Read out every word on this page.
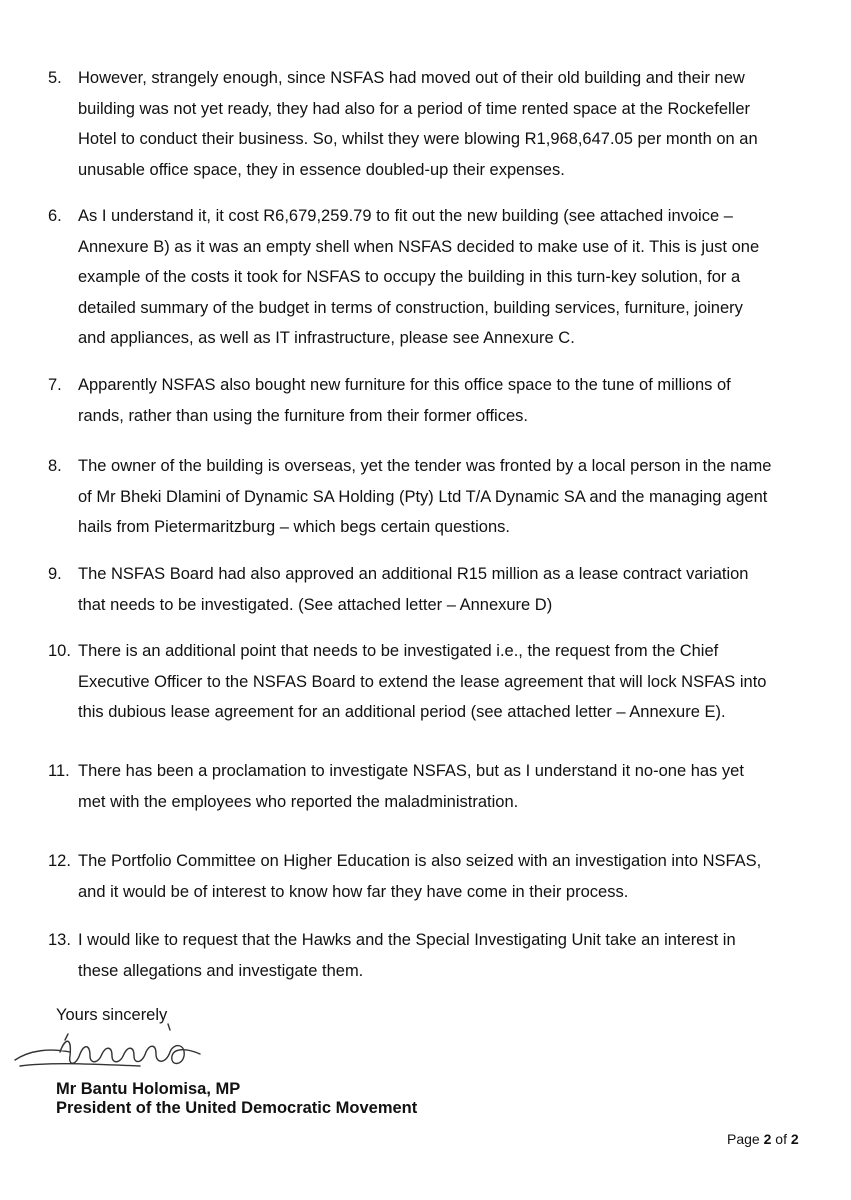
5. However, strangely enough, since NSFAS had moved out of their old building and their new
building was not yet ready, they had also for a period of time rented space at the Rockefeller
Hotel to conduct their business. So, whilst they were blowing R1,968,647.05 per month on an
unusable office space, they in essence doubled-up their expenses.
6. As I understand it, it cost R6,679,259.79 to fit out the new building (see attached invoice –
Annexure B) as it was an empty shell when NSFAS decided to make use of it. This is just one
example of the costs it took for NSFAS to occupy the building in this turn-key solution, for a
detailed summary of the budget in terms of construction, building services, furniture, joinery
and appliances, as well as IT infrastructure, please see Annexure C.
7. Apparently NSFAS also bought new furniture for this office space to the tune of millions of
rands, rather than using the furniture from their former offices.
8. The owner of the building is overseas, yet the tender was fronted by a local person in the name
of Mr Bheki Dlamini of Dynamic SA Holding (Pty) Ltd T/A Dynamic SA and the managing agent
hails from Pietermaritzburg – which begs certain questions.
9. The NSFAS Board had also approved an additional R15 million as a lease contract variation
that needs to be investigated. (See attached letter – Annexure D)
10. There is an additional point that needs to be investigated i.e., the request from the Chief
Executive Officer to the NSFAS Board to extend the lease agreement that will lock NSFAS into
this dubious lease agreement for an additional period (see attached letter – Annexure E).
11. There has been a proclamation to investigate NSFAS, but as I understand it no-one has yet
met with the employees who reported the maladministration.
12. The Portfolio Committee on Higher Education is also seized with an investigation into NSFAS,
and it would be of interest to know how far they have come in their process.
13. I would like to request that the Hawks and the Special Investigating Unit take an interest in
these allegations and investigate them.
Yours sincerely
Mr Bantu Holomisa, MP
President of the United Democratic Movement
Page 2 of 2
